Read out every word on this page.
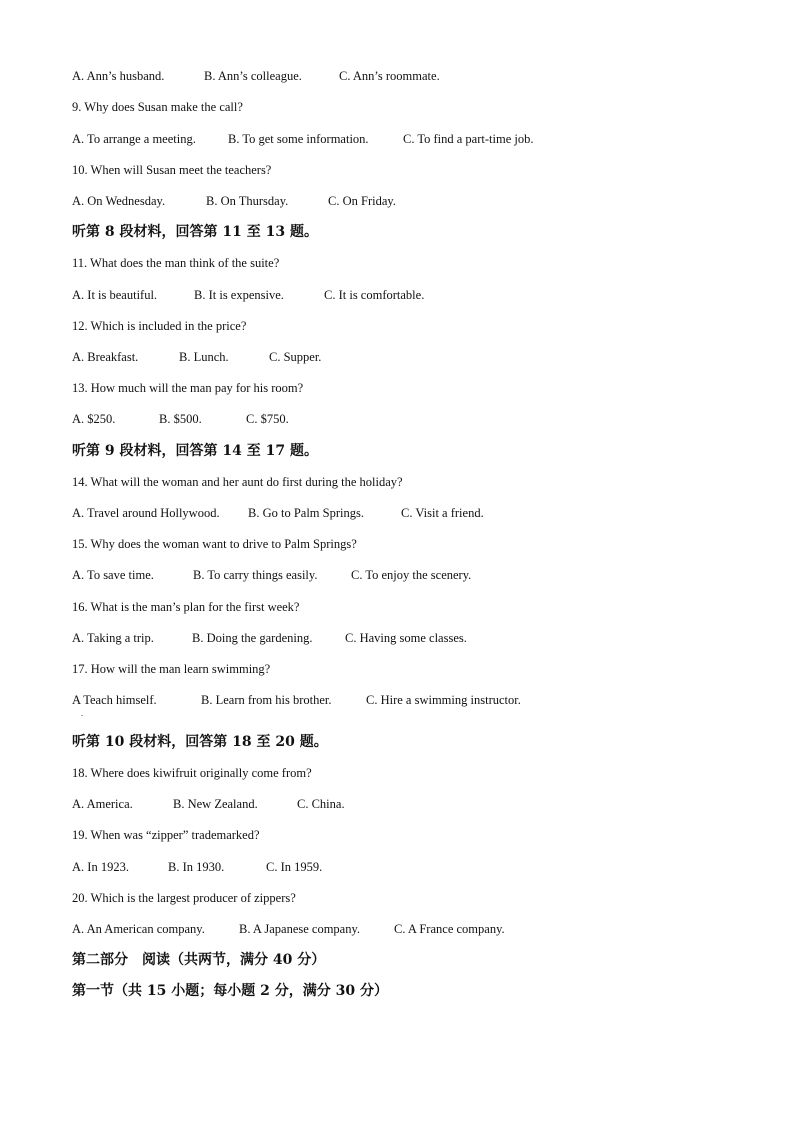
A. Ann’s husband.	B. Ann’s colleague.	C. Ann’s roommate.
9. Why does Susan make the call?
A. To arrange a meeting.	B. To get some information.	C. To find a part-time job.
10. When will Susan meet the teachers?
A. On Wednesday.	B. On Thursday.	C. On Friday.
听第 8 段材料，回答第 11 至 13 题。
11. What does the man think of the suite?
A. It is beautiful.	B. It is expensive.	C. It is comfortable.
12. Which is included in the price?
A. Breakfast.	B. Lunch.	C. Supper.
13. How much will the man pay for his room?
A. $250.	B. $500.	C. $750.
听第 9 段材料，回答第 14 至 17 题。
14. What will the woman and her aunt do first during the holiday?
A. Travel around Hollywood. B. Go to Palm Springs.	C. Visit a friend.
15. Why does the woman want to drive to Palm Springs?
A. To save time.	B. To carry things easily.	C. To enjoy the scenery.
16. What is the man’s plan for the first week?
A. Taking a trip.	B. Doing the gardening.	C. Having some classes.
17. How will the man learn swimming?
A Teach himself.	B. Learn from his brother.	C. Hire a swimming instructor.
.
听第 10 段材料，回答第 18 至 20 题。
18. Where does kiwifruit originally come from?
A. America.	B. New Zealand.	C. China.
19. When was “zipper” trademarked?
A. In 1923.	B. In 1930.	C. In 1959.
20. Which is the largest producer of zippers?
A. An American company.	B. A Japanese company.	C. A France company.
第二部分　阅读（共两节，满分 40 分）
第一节（共 15 小题；每小题 2 分，满分 30 分）
